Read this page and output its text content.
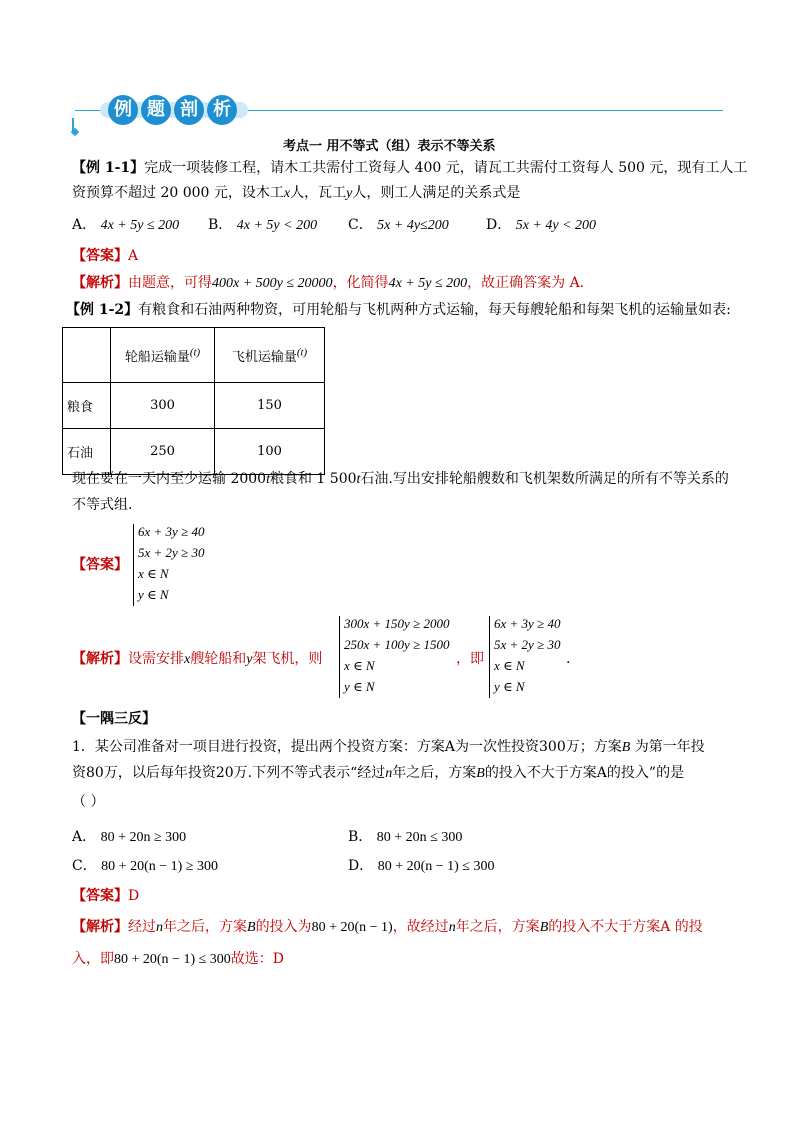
例 题 剖 析
考点一 用不等式（组）表示不等关系
【例 1-1】完成一项装修工程，请木工共需付工资每人 400 元，请瓦工共需付工资每人 500 元，现有工人工
资预算不超过 20 000 元，设木工x人，瓦工y人，则工人满足的关系式是
A． 4x + 5y ≤ 200 B． 4x + 5y < 200 C． 5x + 4y≤200	D． 5x + 4y < 200
【答案】A
【解析】由题意，可得400x + 500y ≤ 20000，化简得4x + 5y ≤ 200，故正确答案为 A.
【例 1-2】有粮食和石油两种物资，可用轮船与飞机两种方式运输，每天每艘轮船和每架飞机的运输量如表:
	轮船运输量$^{(t)}$	飞机运输量$^{(t)}$
粮食	300	150
石油	250	100
现在要在一天内至少运输 2000t粮食和 1 500t石油.写出安排轮船艘数和飞机架数所满足的所有不等关系的
不等式组.
【答案】
6x + 3y ≥ 40
5x + 2y ≥ 30
x ∈ N
y ∈ N
【解析】设需安排x艘轮船和y架飞机，则
300x + 150y ≥ 2000
250x + 100y ≥ 1500
x ∈ N
y ∈ N
，即
6x + 3y ≥ 40
5x + 2y ≥ 30
x ∈ N
y ∈ N
.
【一隅三反】
1．某公司准备对一项目进行投资，提出两个投资方案：方案A为一次性投资300万；方案B 为第一年投
资80万，以后每年投资20万.下列不等式表示“经过n年之后，方案B的投入不大于方案A的投入”的是
（ ）
A． 80 + 20n ≥ 300	B． 80 + 20n ≤ 300
C． 80 + 20(n − 1) ≥ 300	D． 80 + 20(n − 1) ≤ 300
【答案】D
【解析】经过n年之后，方案B的投入为80 + 20(n − 1)，故经过n年之后，方案B的投入不大于方案A 的投
入，即80 + 20(n − 1) ≤ 300故选：D
